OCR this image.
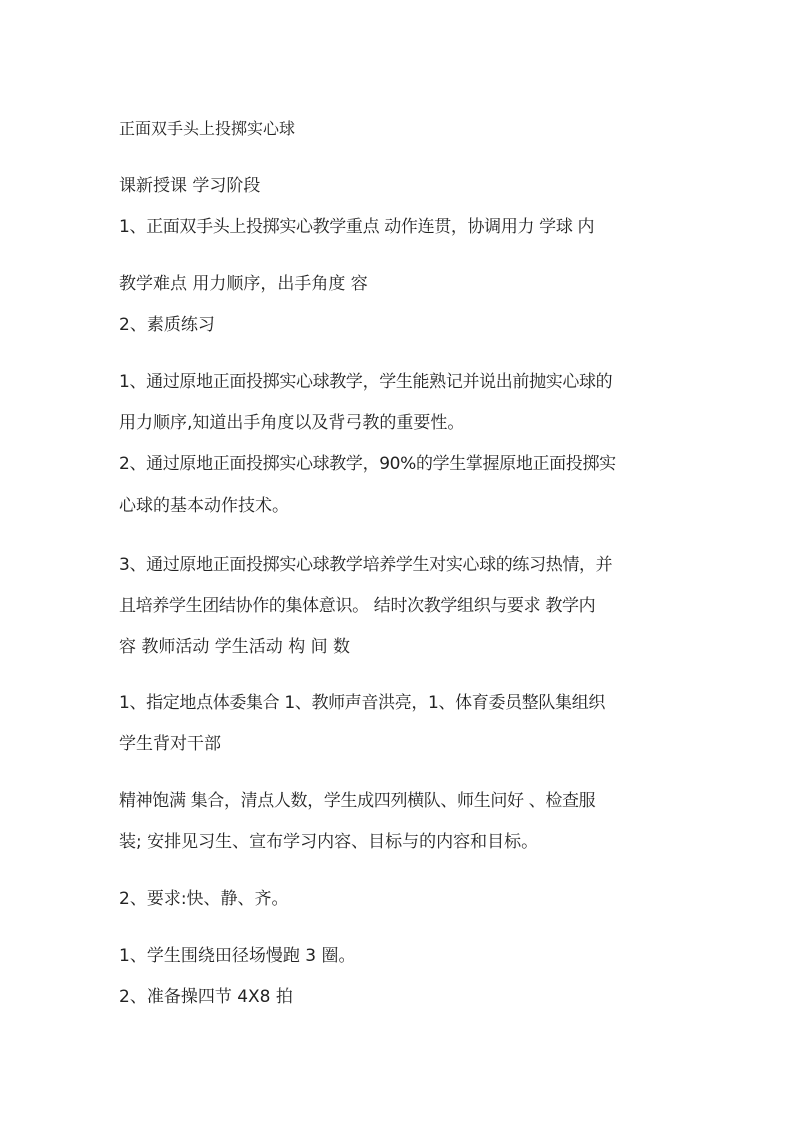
正面双手头上投掷实心球
课新授课 学习阶段
1、正面双手头上投掷实心教学重点 动作连贯，协调用力 学球 内
教学难点 用力顺序，出手角度 容
2、素质练习
1、通过原地正面投掷实心球教学，学生能熟记并说出前抛实心球的
用力顺序,知道出手角度以及背弓教的重要性。
2、通过原地正面投掷实心球教学，90%的学生掌握原地正面投掷实
心球的基本动作技术。
3、通过原地正面投掷实心球教学培养学生对实心球的练习热情，并
且培养学生团结协作的集体意识。 结时次教学组织与要求 教学内
容 教师活动 学生活动 构 间 数
1、指定地点体委集合 1、教师声音洪亮，1、体育委员整队集组织
学生背对干部
精神饱满 集合，清点人数，学生成四列横队、师生问好 、检查服
装; 安排见习生、宣布学习内容、目标与的内容和目标。
2、要求:快、静、齐。
1、学生围绕田径场慢跑 3 圈。
2、准备操四节 4X8 拍
